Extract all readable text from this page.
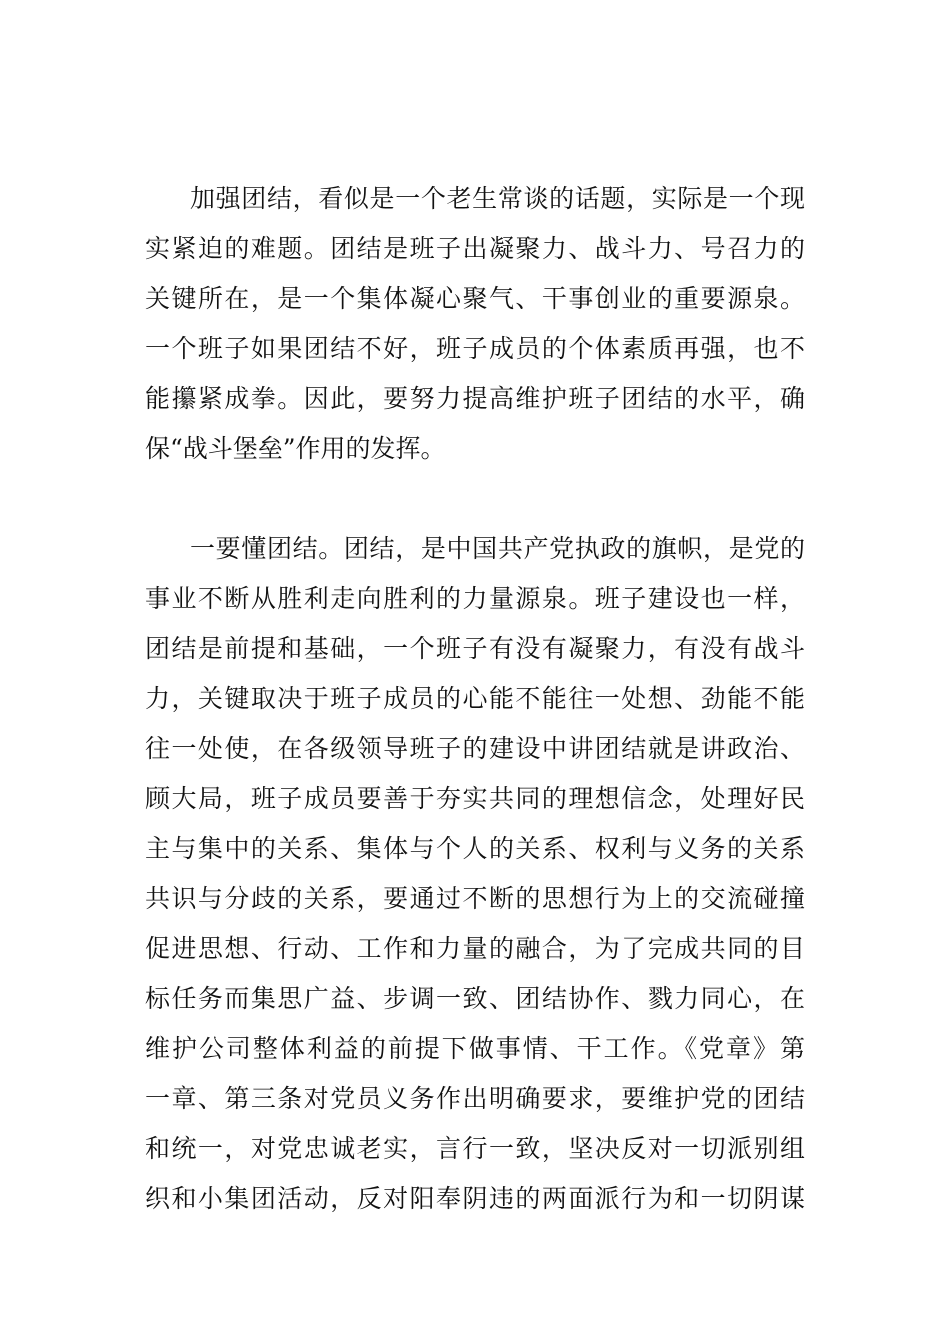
加强团结，看似是一个老生常谈的话题，实际是一个现
实紧迫的难题。团结是班子出凝聚力、战斗力、号召力的
关键所在，是一个集体凝心聚气、干事创业的重要源泉。
一个班子如果团结不好，班子成员的个体素质再强，也不
能攥紧成拳。因此，要努力提高维护班子团结的水平，确
保“战斗堡垒”作用的发挥。
一要懂团结。团结，是中国共产党执政的旗帜，是党的
事业不断从胜利走向胜利的力量源泉。班子建设也一样，
团结是前提和基础，一个班子有没有凝聚力，有没有战斗
力，关键取决于班子成员的心能不能往一处想、劲能不能
往一处使，在各级领导班子的建设中讲团结就是讲政治、
顾大局，班子成员要善于夯实共同的理想信念，处理好民
主与集中的关系、集体与个人的关系、权利与义务的关系
共识与分歧的关系，要通过不断的思想行为上的交流碰撞
促进思想、行动、工作和力量的融合，为了完成共同的目
标任务而集思广益、步调一致、团结协作、戮力同心，在
维护公司整体利益的前提下做事情、干工作。《党章》第
一章、第三条对党员义务作出明确要求，要维护党的团结
和统一，对党忠诚老实，言行一致，坚决反对一切派别组
织和小集团活动，反对阳奉阴违的两面派行为和一切阴谋
